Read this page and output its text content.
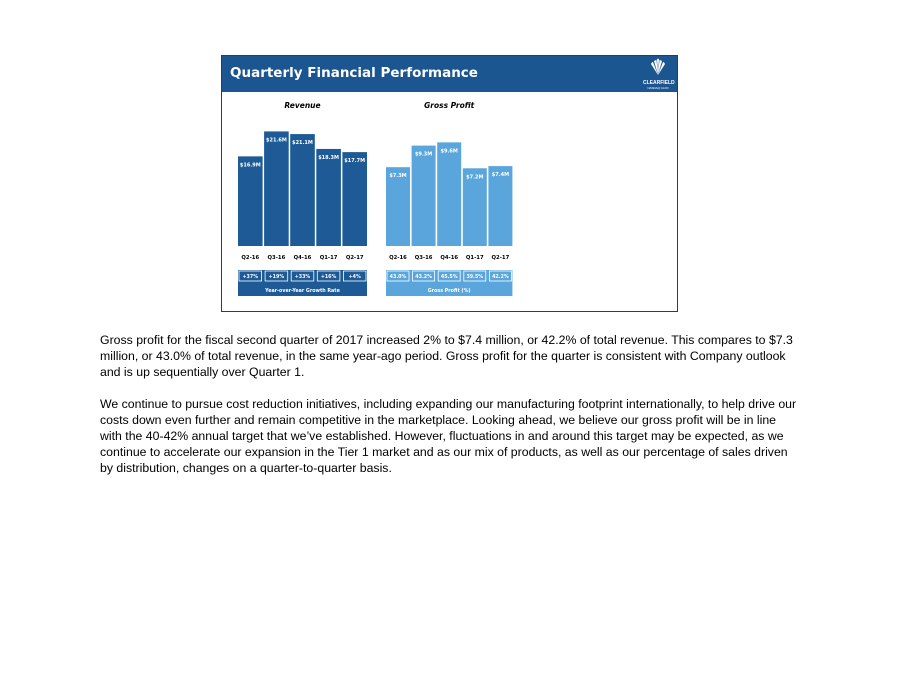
Quarterly Financial Performance
CLEARFIELD
NASDAQ:CLFD
Revenue
$16.9M
Q2-16
$21.6M
Q3-16
$21.1M
Q4-16
$18.3M
Q1-17
$17.7M
Q2-17
+37% +19% +33% +16%	+4%
Year-over-Year Growth Rate
Gross Profit
$7.3M
Q2-16
$9.3M
Q3-16
$9.6M
Q4-16
$7.2M
Q1-17
$7.4M
Q2-17
43.0% 43.2% 45.5% 39.5% 42.2%
Gross Profit (%)

Gross profit for the fiscal second quarter of 2017 increased 2% to $7.4 million, or 42.2% of total revenue. This compares to $7.3 million, or 43.0% of total revenue, in the same year-ago period. Gross profit for the quarter is consistent with Company outlook and is up sequentially over Quarter 1.

We continue to pursue cost reduction initiatives, including expanding our manufacturing footprint internationally, to help drive our costs down even further and remain competitive in the marketplace. Looking ahead, we believe our gross profit will be in line with the 40-42% annual target that we’ve established. However, fluctuations in and around this target may be expected, as we continue to accelerate our expansion in the Tier 1 market and as our mix of products, as well as our percentage of sales driven by distribution, changes on a quarter-to-quarter basis.
